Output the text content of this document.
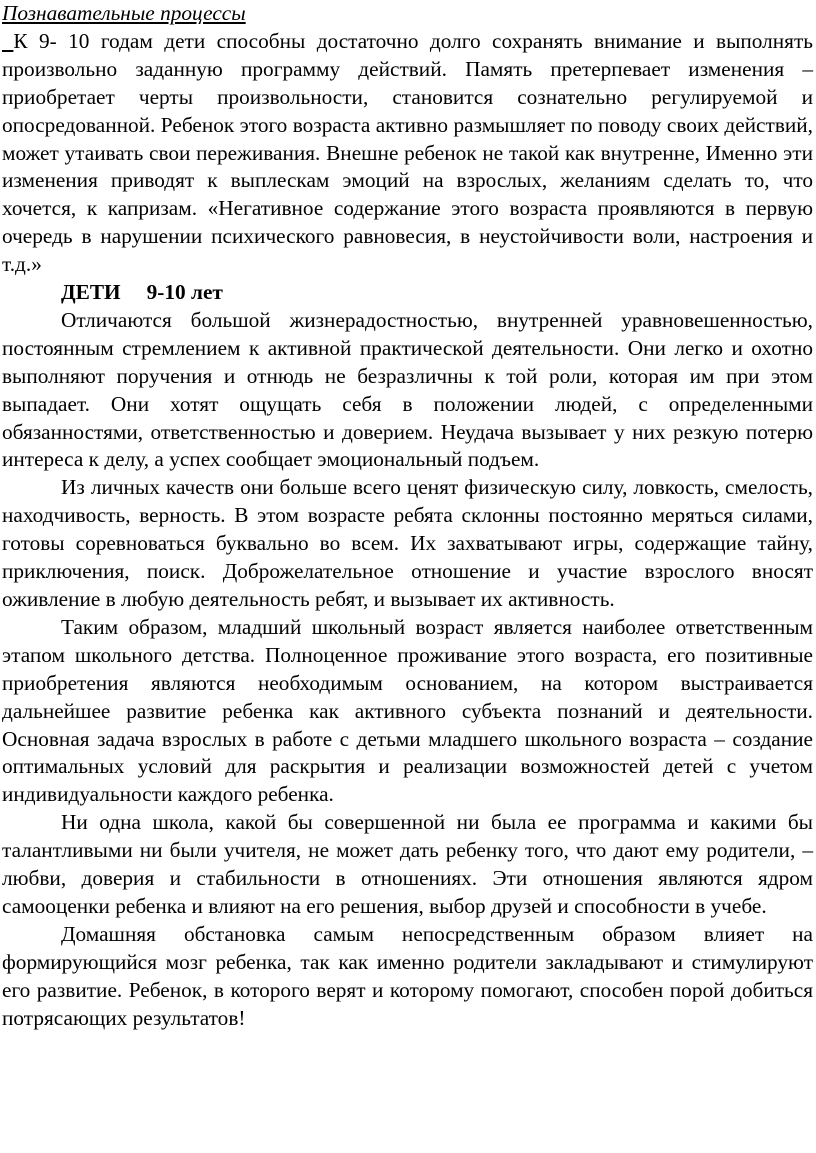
Познавательные процессы

К 9- 10 годам дети способны достаточно долго сохранять внимание и выполнять произвольно заданную программу действий. Память претерпевает изменения – приобретает черты произвольности, становится сознательно регулируемой и опосредованной. Ребенок этого возраста активно размышляет по поводу своих действий, может утаивать свои переживания. Внешне ребенок не такой как внутренне, Именно эти изменения приводят к выплескам эмоций на взрослых, желаниям сделать то, что хочется, к капризам. «Негативное содержание этого возраста проявляются в первую очередь в нарушении психического равновесия, в неустойчивости воли, настроения и т.д.»

ДЕТИ 9-10 лет

Отличаются большой жизнерадостностью, внутренней уравновешенностью, постоянным стремлением к активной практической деятельности. Они легко и охотно выполняют поручения и отнюдь не безразличны к той роли, которая им при этом выпадает. Они хотят ощущать себя в положении людей, с определенными обязанностями, ответственностью и доверием. Неудача вызывает у них резкую потерю интереса к делу, а успех сообщает эмоциональный подъем.

Из личных качеств они больше всего ценят физическую силу, ловкость, смелость, находчивость, верность. В этом возрасте ребята склонны постоянно меряться силами, готовы соревноваться буквально во всем. Их захватывают игры, содержащие тайну, приключения, поиск. Доброжелательное отношение и участие взрослого вносят оживление в любую деятельность ребят, и вызывает их активность.

Таким образом, младший школьный возраст является наиболее ответственным этапом школьного детства. Полноценное проживание этого возраста, его позитивные приобретения являются необходимым основанием, на котором выстраивается дальнейшее развитие ребенка как активного субъекта познаний и деятельности. Основная задача взрослых в работе с детьми младшего школьного возраста – создание оптимальных условий для раскрытия и реализации возможностей детей с учетом индивидуальности каждого ребенка.

Ни одна школа, какой бы совершенной ни была ее программа и какими бы талантливыми ни были учителя, не может дать ребенку того, что дают ему родители, – любви, доверия и стабильности в отношениях. Эти отношения являются ядром самооценки ребенка и влияют на его решения, выбор друзей и способности в учебе.

Домашняя обстановка самым непосредственным образом влияет на формирующийся мозг ребенка, так как именно родители закладывают и стимулируют его развитие. Ребенок, в которого верят и которому помогают, способен порой добиться потрясающих результатов!
